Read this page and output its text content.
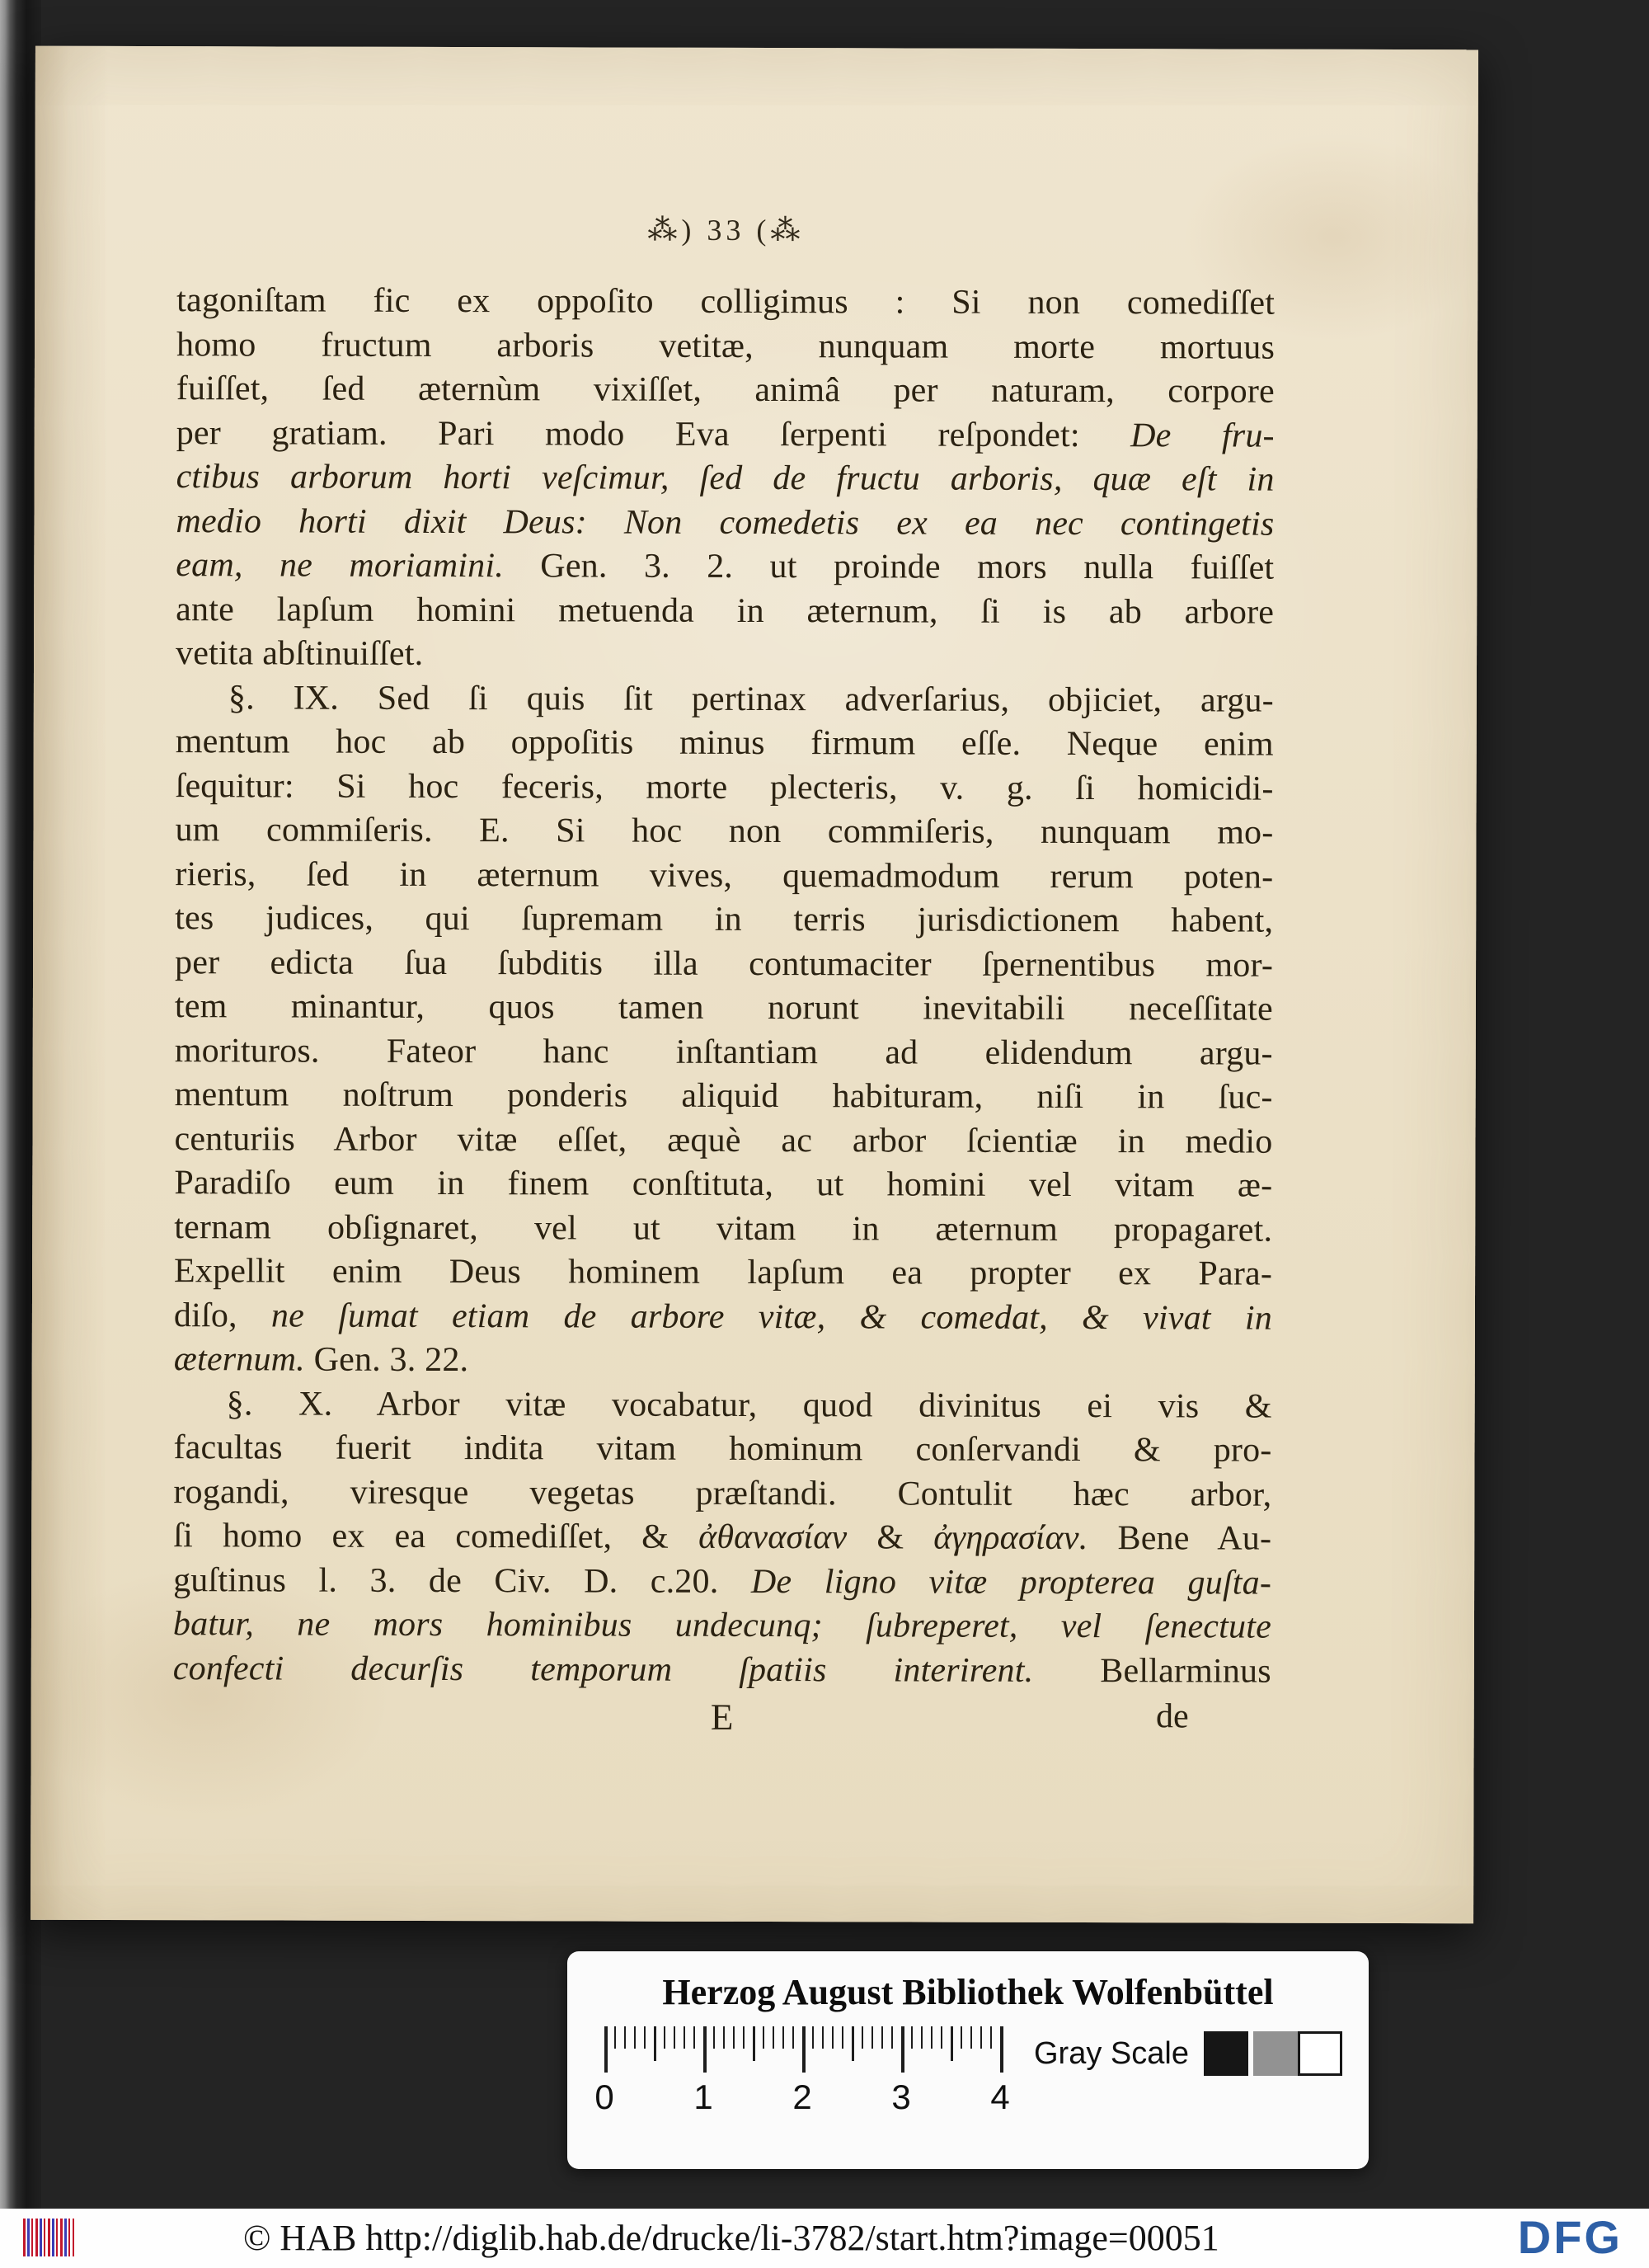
⁂) 33 (⁂
tagoniſtam fic ex oppoſito colligimus : Si non comediſſet
homo fructum arboris vetitæ, nunquam morte mortuus
fuiſſet, ſed æternùm vixiſſet, animâ per naturam, corpore
per gratiam. Pari modo Eva ſerpenti reſpondet: De fru-
ctibus arborum horti veſcimur, ſed de fructu arboris, quæ eſt in
medio horti dixit Deus: Non comedetis ex ea nec contingetis
eam, ne moriamini. Gen. 3. 2. ut proinde mors nulla fuiſſet
ante lapſum homini metuenda in æternum, ſi is ab arbore
vetita abſtinuiſſet.
§. IX. Sed ſi quis ſit pertinax adverſarius, objiciet, argu-
mentum hoc ab oppoſitis minus firmum eſſe. Neque enim
ſequitur: Si hoc feceris, morte plecteris, v. g. ſi homicidi-
um commiſeris. E. Si hoc non commiſeris, nunquam mo-
rieris, ſed in æternum vives, quemadmodum rerum poten-
tes judices, qui ſupremam in terris jurisdictionem habent,
per edicta ſua ſubditis illa contumaciter ſpernentibus mor-
tem minantur, quos tamen norunt inevitabili neceſſitate
morituros. Fateor hanc inſtantiam ad elidendum argu-
mentum noſtrum ponderis aliquid habituram, niſi in ſuc-
centuriis Arbor vitæ eſſet, æquè ac arbor ſcientiæ in medio
Paradiſo eum in finem conſtituta, ut homini vel vitam æ-
ternam obſignaret, vel ut vitam in æternum propagaret.
Expellit enim Deus hominem lapſum ea propter ex Para-
diſo, ne ſumat etiam de arbore vitæ, & comedat, & vivat in
æternum. Gen. 3. 22.
§. X. Arbor vitæ vocabatur, quod divinitus ei vis &
facultas fuerit indita vitam hominum conſervandi & pro-
rogandi, viresque vegetas præſtandi. Contulit hæc arbor,
ſi homo ex ea comediſſet, & ἀθανασίαν & ἀγηρασίαν. Bene Au-
guſtinus l. 3. de Civ. D. c.20. De ligno vitæ propterea guſta-
batur, ne mors hominibus undecunq; ſubreperet, vel ſenectute
confecti decurſis temporum ſpatiis interirent. Bellarminus
E	de
Herzog August Bibliothek Wolfenbüttel
0 1 2 3 4
Gray Scale
© HAB http://diglib.hab.de/drucke/li-3782/start.htm?image=00051	DFG
